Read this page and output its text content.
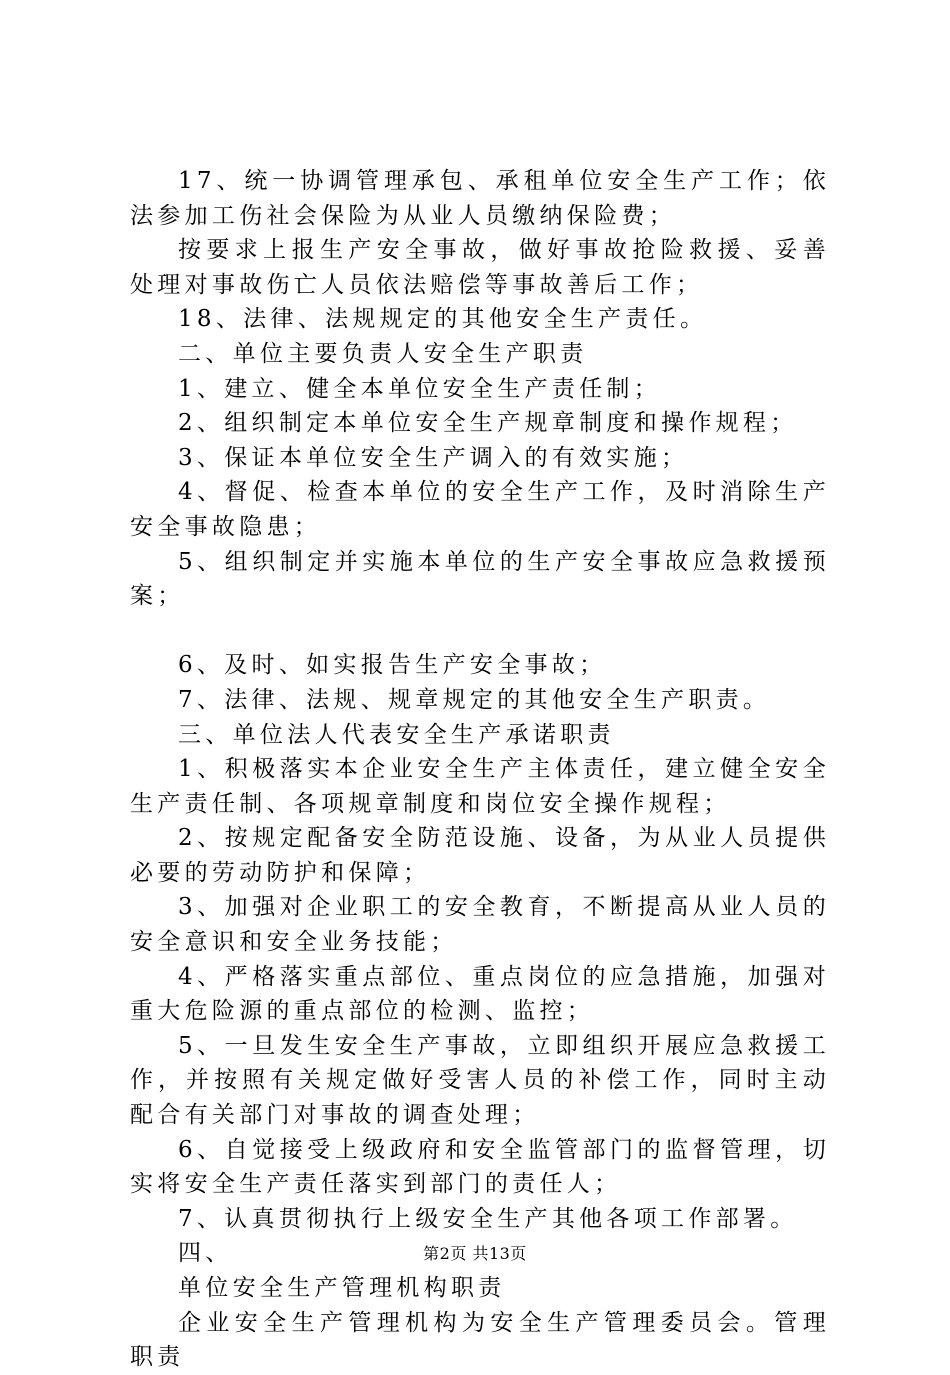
17、统一协调管理承包、承租单位安全生产工作；依法参加工伤社会保险为从业人员缴纳保险费；

按要求上报生产安全事故，做好事故抢险救援、妥善处理对事故伤亡人员依法赔偿等事故善后工作；

18、法律、法规规定的其他安全生产责任。

二、单位主要负责人安全生产职责

1、建立、健全本单位安全生产责任制；

2、组织制定本单位安全生产规章制度和操作规程；

3、保证本单位安全生产调入的有效实施；

4、督促、检查本单位的安全生产工作，及时消除生产安全事故隐患；

5、组织制定并实施本单位的生产安全事故应急救援预案；

6、及时、如实报告生产安全事故；

7、法律、法规、规章规定的其他安全生产职责。

三、单位法人代表安全生产承诺职责

1、积极落实本企业安全生产主体责任，建立健全安全生产责任制、各项规章制度和岗位安全操作规程；

2、按规定配备安全防范设施、设备，为从业人员提供必要的劳动防护和保障；

3、加强对企业职工的安全教育，不断提高从业人员的安全意识和安全业务技能；

4、严格落实重点部位、重点岗位的应急措施，加强对重大危险源的重点部位的检测、监控；

5、一旦发生安全生产事故，立即组织开展应急救援工作，并按照有关规定做好受害人员的补偿工作，同时主动配合有关部门对事故的调查处理；

6、自觉接受上级政府和安全监管部门的监督管理，切实将安全生产责任落实到部门的责任人；

7、认真贯彻执行上级安全生产其他各项工作部署。

四、

单位安全生产管理机构职责

企业安全生产管理机构为安全生产管理委员会。管理职责

第2页 共13页
